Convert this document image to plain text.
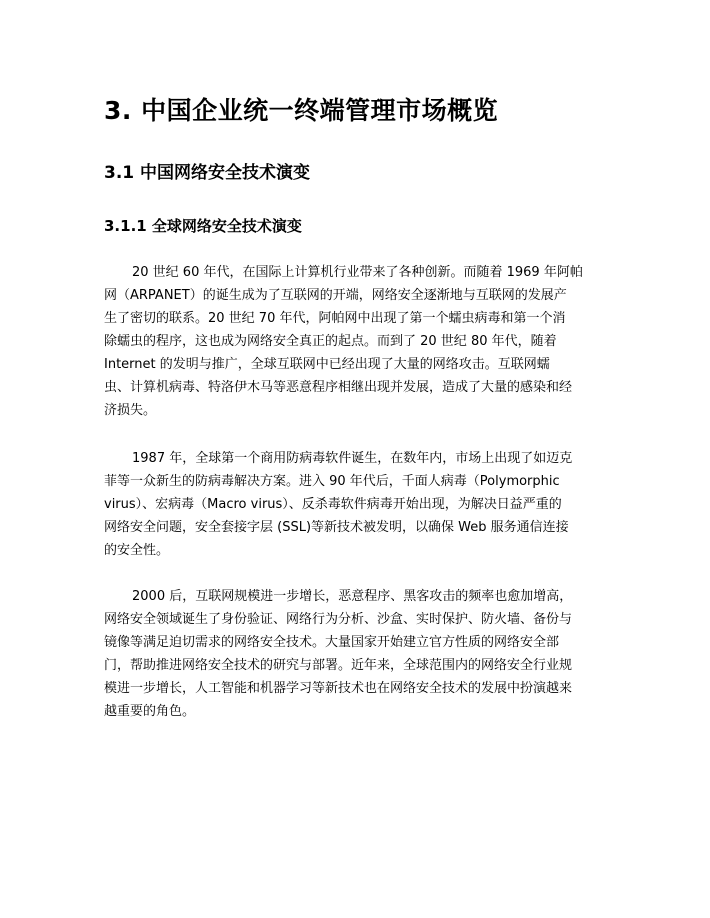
3. 中国企业统一终端管理市场概览
3.1 中国网络安全技术演变
3.1.1 全球网络安全技术演变
20 世纪 60 年代，在国际上计算机行业带来了各种创新。而随着 1969 年阿帕
网（ARPANET）的诞生成为了互联网的开端，网络安全逐渐地与互联网的发展产
生了密切的联系。20 世纪 70 年代，阿帕网中出现了第一个蠕虫病毒和第一个消
除蠕虫的程序，这也成为网络安全真正的起点。而到了 20 世纪 80 年代，随着
Internet 的发明与推广，全球互联网中已经出现了大量的网络攻击。互联网蠕
虫、计算机病毒、特洛伊木马等恶意程序相继出现并发展，造成了大量的感染和经
济损失。
1987 年，全球第一个商用防病毒软件诞生，在数年内，市场上出现了如迈克
菲等一众新生的防病毒解决方案。进入 90 年代后，千面人病毒（Polymorphic
virus）、宏病毒（Macro virus）、反杀毒软件病毒开始出现，为解决日益严重的
网络安全问题，安全套接字层 (SSL)等新技术被发明，以确保 Web 服务通信连接
的安全性。
2000 后，互联网规模进一步增长，恶意程序、黑客攻击的频率也愈加增高，
网络安全领域诞生了身份验证、网络行为分析、沙盒、实时保护、防火墙、备份与
镜像等满足迫切需求的网络安全技术。大量国家开始建立官方性质的网络安全部
门，帮助推进网络安全技术的研究与部署。近年来，全球范围内的网络安全行业规
模进一步增长，人工智能和机器学习等新技术也在网络安全技术的发展中扮演越来
越重要的角色。
